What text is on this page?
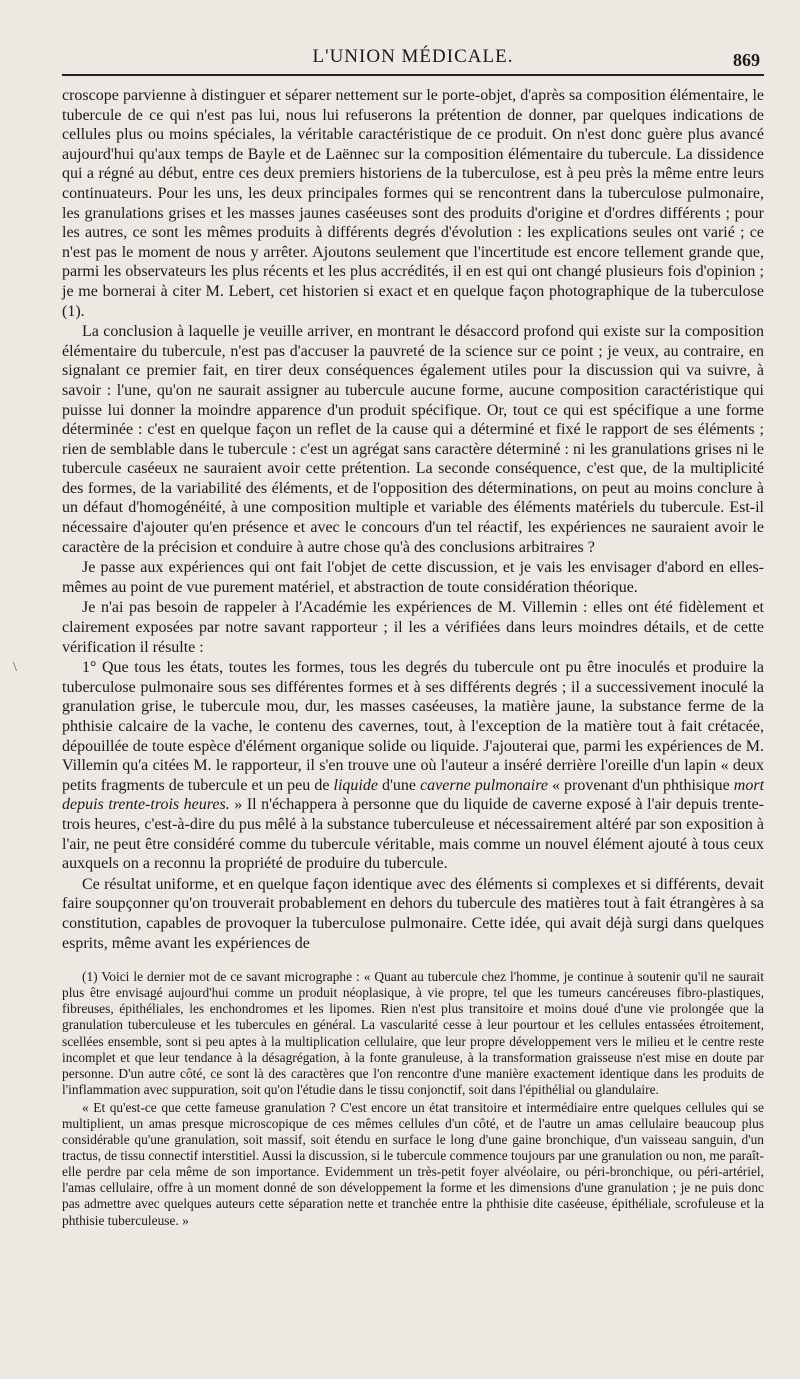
\
L'UNION MÉDICALE.	869

croscope parvienne à distinguer et séparer nettement sur le porte-objet, d'après sa composition élémentaire, le tubercule de ce qui n'est pas lui, nous lui refuserons la prétention de donner, par quelques indications de cellules plus ou moins spéciales, la véritable caractéristique de ce produit. On n'est donc guère plus avancé aujourd'hui qu'aux temps de Bayle et de Laënnec sur la composition élémentaire du tubercule. La dissidence qui a régné au début, entre ces deux premiers historiens de la tuberculose, est à peu près la même entre leurs continuateurs. Pour les uns, les deux principales formes qui se rencontrent dans la tuberculose pulmonaire, les granulations grises et les masses jaunes caséeuses sont des produits d'origine et d'ordres différents ; pour les autres, ce sont les mêmes produits à différents degrés d'évolution : les explications seules ont varié ; ce n'est pas le moment de nous y arrêter. Ajoutons seulement que l'incertitude est encore tellement grande que, parmi les observateurs les plus récents et les plus accrédités, il en est qui ont changé plusieurs fois d'opinion ; je me bornerai à citer M. Lebert, cet historien si exact et en quelque façon photographique de la tuberculose (1).

La conclusion à laquelle je veuille arriver, en montrant le désaccord profond qui existe sur la composition élémentaire du tubercule, n'est pas d'accuser la pauvreté de la science sur ce point ; je veux, au contraire, en signalant ce premier fait, en tirer deux conséquences également utiles pour la discussion qui va suivre, à savoir : l'une, qu'on ne saurait assigner au tubercule aucune forme, aucune composition caractéristique qui puisse lui donner la moindre apparence d'un produit spécifique. Or, tout ce qui est spécifique a une forme déterminée : c'est en quelque façon un reflet de la cause qui a déterminé et fixé le rapport de ses éléments ; rien de semblable dans le tubercule : c'est un agrégat sans caractère déterminé : ni les granulations grises ni le tubercule caséeux ne sauraient avoir cette prétention. La seconde conséquence, c'est que, de la multiplicité des formes, de la variabilité des éléments, et de l'opposition des déterminations, on peut au moins conclure à un défaut d'homogénéité, à une composition multiple et variable des éléments matériels du tubercule. Est-il nécessaire d'ajouter qu'en présence et avec le concours d'un tel réactif, les expériences ne sauraient avoir le caractère de la précision et conduire à autre chose qu'à des conclusions arbitraires ?

Je passe aux expériences qui ont fait l'objet de cette discussion, et je vais les envisager d'abord en elles-mêmes au point de vue purement matériel, et abstraction de toute considération théorique.

Je n'ai pas besoin de rappeler à l'Académie les expériences de M. Villemin : elles ont été fidèlement et clairement exposées par notre savant rapporteur ; il les a vérifiées dans leurs moindres détails, et de cette vérification il résulte :

1° Que tous les états, toutes les formes, tous les degrés du tubercule ont pu être inoculés et produire la tuberculose pulmonaire sous ses différentes formes et à ses différents degrés ; il a successivement inoculé la granulation grise, le tubercule mou, dur, les masses caséeuses, la matière jaune, la substance ferme de la phthisie calcaire de la vache, le contenu des cavernes, tout, à l'exception de la matière tout à fait crétacée, dépouillée de toute espèce d'élément organique solide ou liquide. J'ajouterai que, parmi les expériences de M. Villemin qu'a citées M. le rapporteur, il s'en trouve une où l'auteur a inséré derrière l'oreille d'un lapin « deux petits fragments de tubercule et un peu de liquide d'une caverne pulmonaire « provenant d'un phthisique mort depuis trente-trois heures. » Il n'échappera à personne que du liquide de caverne exposé à l'air depuis trente-trois heures, c'est-à-dire du pus mêlé à la substance tuberculeuse et nécessairement altéré par son exposition à l'air, ne peut être considéré comme du tubercule véritable, mais comme un nouvel élément ajouté à tous ceux auxquels on a reconnu la propriété de produire du tubercule.

Ce résultat uniforme, et en quelque façon identique avec des éléments si complexes et si différents, devait faire soupçonner qu'on trouverait probablement en dehors du tubercule des matières tout à fait étrangères à sa constitution, capables de provoquer la tuberculose pulmonaire. Cette idée, qui avait déjà surgi dans quelques esprits, même avant les expériences de

(1) Voici le dernier mot de ce savant micrographe : « Quant au tubercule chez l'homme, je continue à soutenir qu'il ne saurait plus être envisagé aujourd'hui comme un produit néoplasique, à vie propre, tel que les tumeurs cancéreuses fibro-plastiques, fibreuses, épithéliales, les enchondromes et les lipomes. Rien n'est plus transitoire et moins doué d'une vie prolongée que la granulation tuberculeuse et les tubercules en général. La vascularité cesse à leur pourtour et les cellules entassées étroitement, scellées ensemble, sont si peu aptes à la multiplication cellulaire, que leur propre développement vers le milieu et le centre reste incomplet et que leur tendance à la désagrégation, à la fonte granuleuse, à la transformation graisseuse n'est mise en doute par personne. D'un autre côté, ce sont là des caractères que l'on rencontre d'une manière exactement identique dans les produits de l'inflammation avec suppuration, soit qu'on l'étudie dans le tissu conjonctif, soit dans l'épithélial ou glandulaire.

« Et qu'est-ce que cette fameuse granulation ? C'est encore un état transitoire et intermédiaire entre quelques cellules qui se multiplient, un amas presque microscopique de ces mêmes cellules d'un côté, et de l'autre un amas cellulaire beaucoup plus considérable qu'une granulation, soit massif, soit étendu en surface le long d'une gaine bronchique, d'un vaisseau sanguin, d'un tractus, de tissu connectif interstitiel. Aussi la discussion, si le tubercule commence toujours par une granulation ou non, me paraît-elle perdre par cela même de son importance. Evidemment un très-petit foyer alvéolaire, ou péri-bronchique, ou péri-artériel, l'amas cellulaire, offre à un moment donné de son développement la forme et les dimensions d'une granulation ; je ne puis donc pas admettre avec quelques auteurs cette séparation nette et tranchée entre la phthisie dite caséeuse, épithéliale, scrofuleuse et la phthisie tuberculeuse. »
